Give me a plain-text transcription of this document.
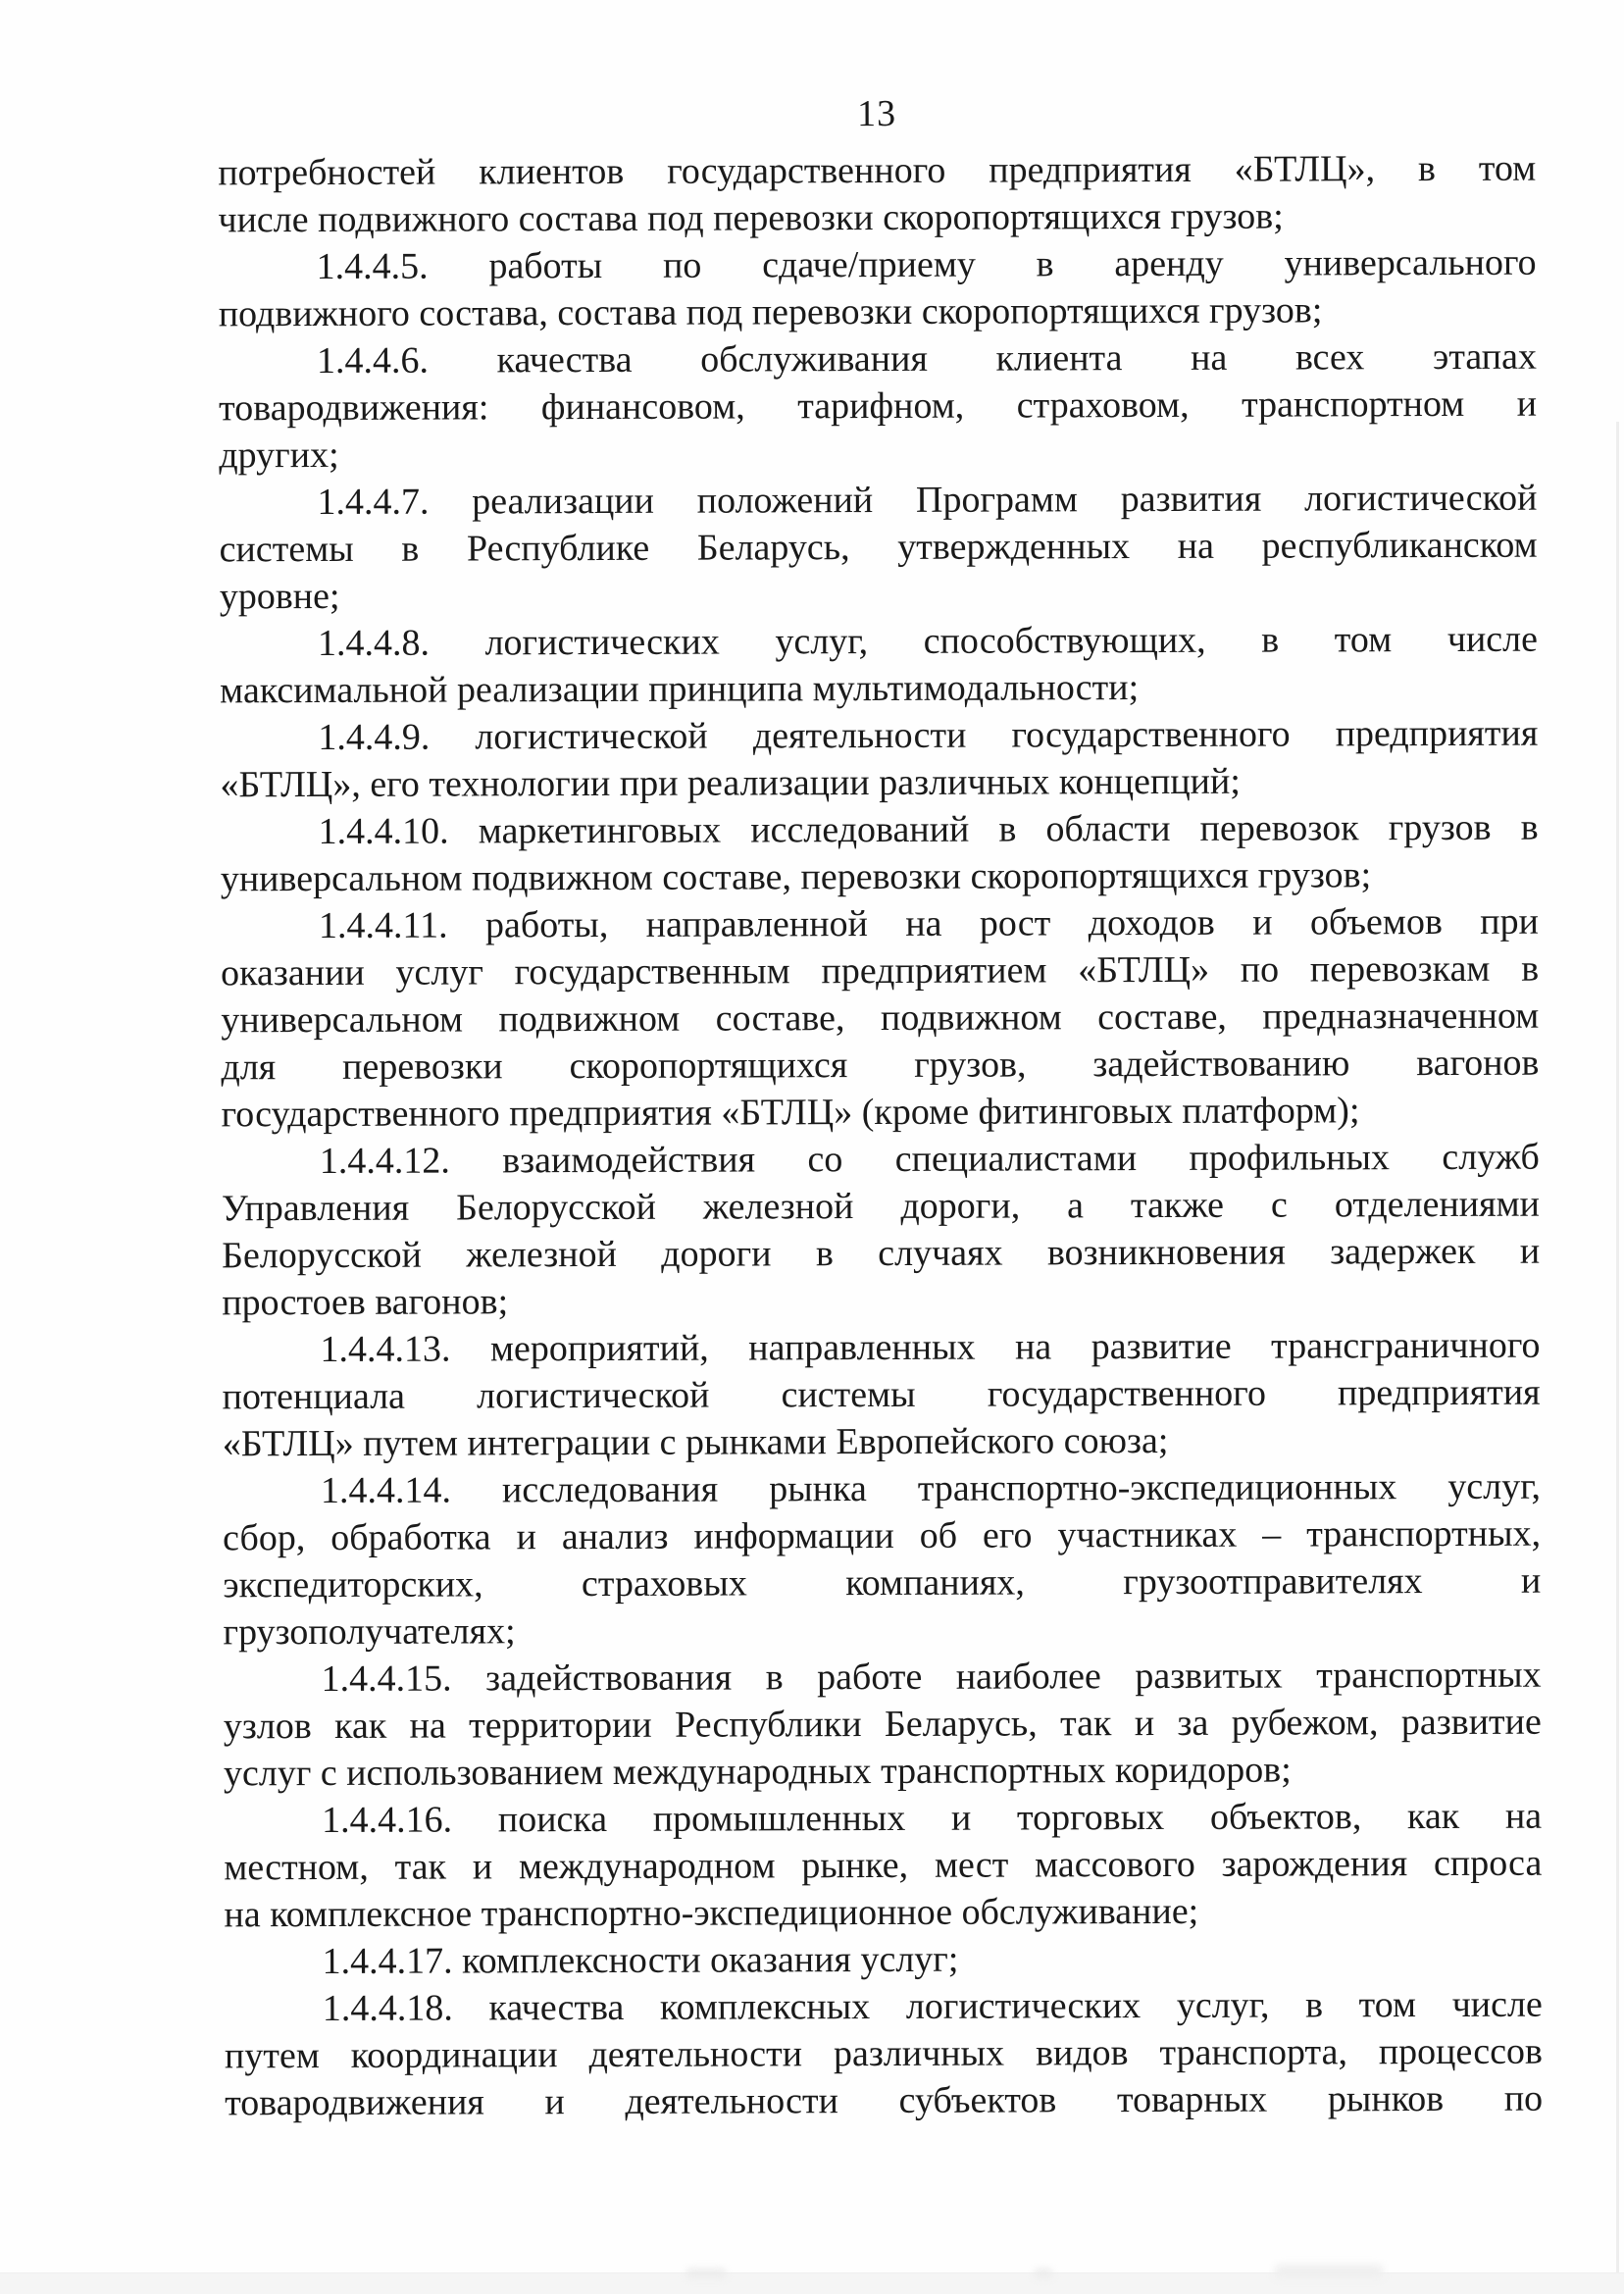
13
потребностей клиентов государственного предприятия «БТЛЦ», в том
числе подвижного состава под перевозки скоропортящихся грузов;
1.4.4.5. работы по сдаче/приему в аренду универсального
подвижного состава, состава под перевозки скоропортящихся грузов;
1.4.4.6. качества обслуживания клиента на всех этапах
товародвижения: финансовом, тарифном, страховом, транспортном и
других;
1.4.4.7. реализации положений Программ развития логистической
системы в Республике Беларусь, утвержденных на республиканском
уровне;
1.4.4.8. логистических услуг, способствующих, в том числе
максимальной реализации принципа мультимодальности;
1.4.4.9. логистической деятельности государственного предприятия
«БТЛЦ», его технологии при реализации различных концепций;
1.4.4.10. маркетинговых исследований в области перевозок грузов в
универсальном подвижном составе, перевозки скоропортящихся грузов;
1.4.4.11. работы, направленной на рост доходов и объемов при
оказании услуг государственным предприятием «БТЛЦ» по перевозкам в
универсальном подвижном составе, подвижном составе, предназначенном
для перевозки скоропортящихся грузов, задействованию вагонов
государственного предприятия «БТЛЦ» (кроме фитинговых платформ);
1.4.4.12. взаимодействия со специалистами профильных служб
Управления Белорусской железной дороги, а также с отделениями
Белорусской железной дороги в случаях возникновения задержек и
простоев вагонов;
1.4.4.13. мероприятий, направленных на развитие трансграничного
потенциала логистической системы государственного предприятия
«БТЛЦ» путем интеграции с рынками Европейского союза;
1.4.4.14. исследования рынка транспортно-экспедиционных услуг,
сбор, обработка и анализ информации об его участниках – транспортных,
экспедиторских, страховых компаниях, грузоотправителях и
грузополучателях;
1.4.4.15. задействования в работе наиболее развитых транспортных
узлов как на территории Республики Беларусь, так и за рубежом, развитие
услуг с использованием международных транспортных коридоров;
1.4.4.16. поиска промышленных и торговых объектов, как на
местном, так и международном рынке, мест массового зарождения спроса
на комплексное транспортно-экспедиционное обслуживание;
1.4.4.17. комплексности оказания услуг;
1.4.4.18. качества комплексных логистических услуг, в том числе
путем координации деятельности различных видов транспорта, процессов
товародвижения и деятельности субъектов товарных рынков по
